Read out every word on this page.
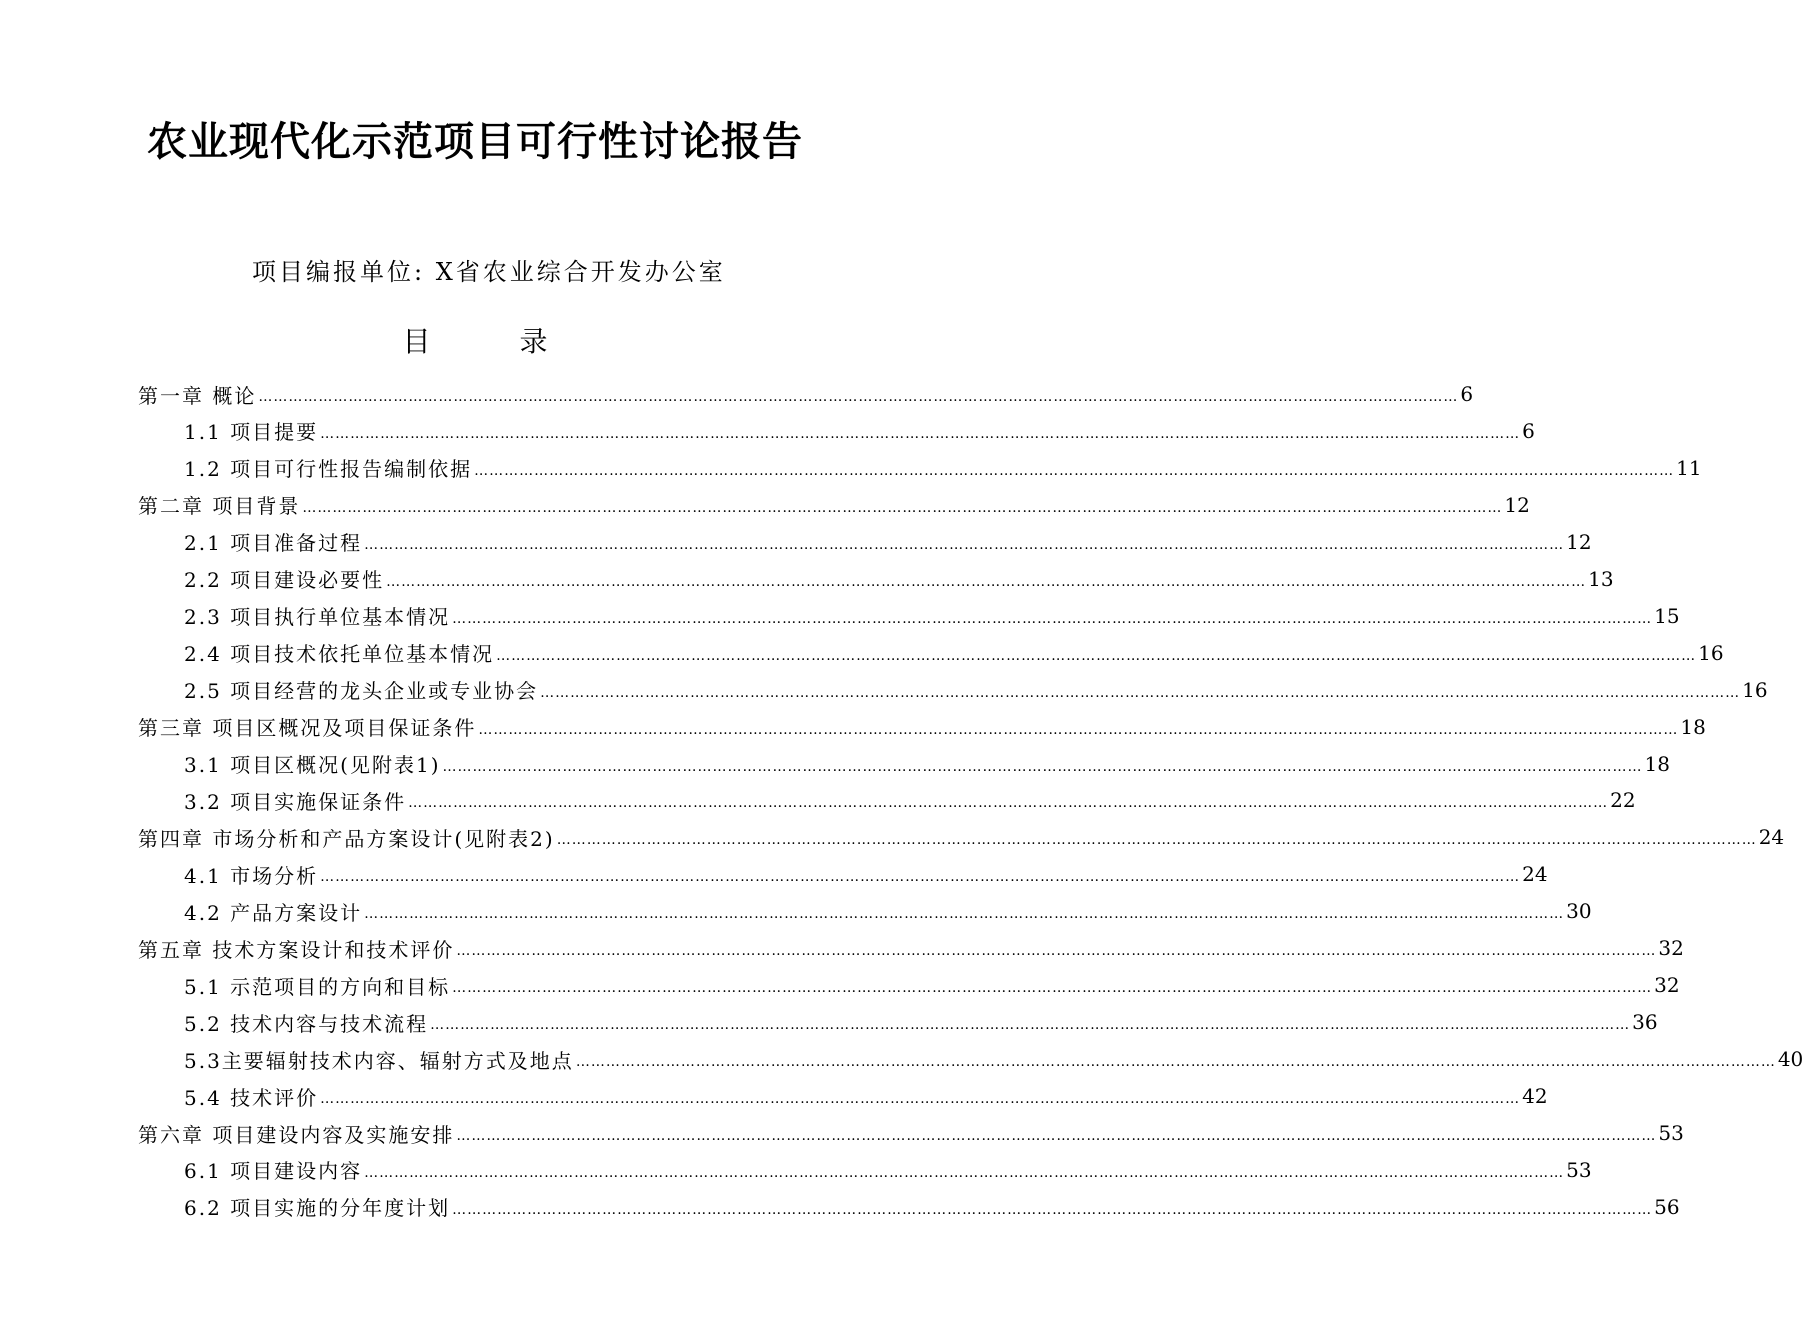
农业现代化示范项目可行性讨论报告
项目编报单位: X省农业综合开发办公室
目 录
第一章 概论 …………………………………………………………………………………………………………………………………………………………………………………………………………………… 6
1.1 项目提要 …………………………………………………………………………………………………………………………………………………………………………………………………………………… 6
1.2 项目可行性报告编制依据 …………………………………………………………………………………………………………………………………………………………………………………………………………………… 11
第二章 项目背景 …………………………………………………………………………………………………………………………………………………………………………………………………………………… 12
2.1 项目准备过程 …………………………………………………………………………………………………………………………………………………………………………………………………………………… 12
2.2 项目建设必要性 …………………………………………………………………………………………………………………………………………………………………………………………………………………… 13
2.3 项目执行单位基本情况 …………………………………………………………………………………………………………………………………………………………………………………………………………………… 15
2.4 项目技术依托单位基本情况 …………………………………………………………………………………………………………………………………………………………………………………………………………………… 16
2.5 项目经营的龙头企业或专业协会 …………………………………………………………………………………………………………………………………………………………………………………………………………………… 16
第三章 项目区概况及项目保证条件 …………………………………………………………………………………………………………………………………………………………………………………………………………………… 18
3.1 项目区概况(见附表1) …………………………………………………………………………………………………………………………………………………………………………………………………………………… 18
3.2 项目实施保证条件 …………………………………………………………………………………………………………………………………………………………………………………………………………………… 22
第四章 市场分析和产品方案设计(见附表2) …………………………………………………………………………………………………………………………………………………………………………………………………………………… 24
4.1 市场分析 …………………………………………………………………………………………………………………………………………………………………………………………………………………… 24
4.2 产品方案设计 …………………………………………………………………………………………………………………………………………………………………………………………………………………… 30
第五章 技术方案设计和技术评价 …………………………………………………………………………………………………………………………………………………………………………………………………………………… 32
5.1 示范项目的方向和目标 …………………………………………………………………………………………………………………………………………………………………………………………………………………… 32
5.2 技术内容与技术流程 …………………………………………………………………………………………………………………………………………………………………………………………………………………… 36
5.3主要辐射技术内容、辐射方式及地点 …………………………………………………………………………………………………………………………………………………………………………………………………………………… 40
5.4 技术评价 …………………………………………………………………………………………………………………………………………………………………………………………………………………… 42
第六章 项目建设内容及实施安排 …………………………………………………………………………………………………………………………………………………………………………………………………………………… 53
6.1 项目建设内容 …………………………………………………………………………………………………………………………………………………………………………………………………………………… 53
6.2 项目实施的分年度计划 …………………………………………………………………………………………………………………………………………………………………………………………………………………… 56
